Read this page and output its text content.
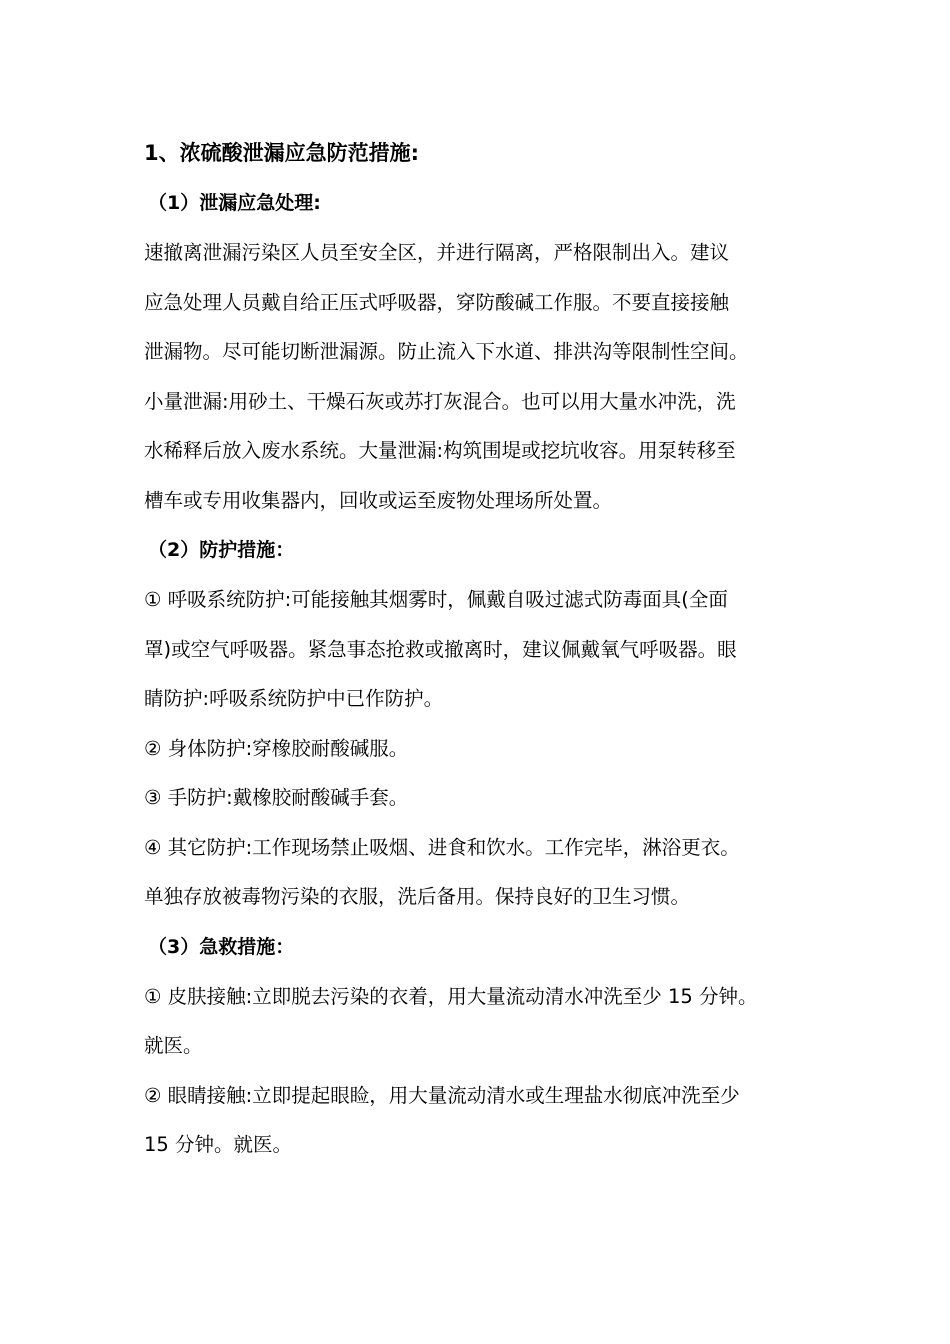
1、浓硫酸泄漏应急防范措施:
（1）泄漏应急处理:
速撤离泄漏污染区人员至安全区，并进行隔离，严格限制出入。建议
应急处理人员戴自给正压式呼吸器，穿防酸碱工作服。不要直接接触
泄漏物。尽可能切断泄漏源。防止流入下水道、排洪沟等限制性空间。
小量泄漏:用砂土、干燥石灰或苏打灰混合。也可以用大量水冲洗，洗
水稀释后放入废水系统。大量泄漏:构筑围堤或挖坑收容。用泵转移至
槽车或专用收集器内，回收或运至废物处理场所处置。
（2）防护措施：
① 呼吸系统防护:可能接触其烟雾时，佩戴自吸过滤式防毒面具(全面
罩)或空气呼吸器。紧急事态抢救或撤离时，建议佩戴氧气呼吸器。眼
睛防护:呼吸系统防护中已作防护。
② 身体防护:穿橡胶耐酸碱服。
③ 手防护:戴橡胶耐酸碱手套。
④ 其它防护:工作现场禁止吸烟、进食和饮水。工作完毕，淋浴更衣。
单独存放被毒物污染的衣服，洗后备用。保持良好的卫生习惯。
（3）急救措施：
① 皮肤接触:立即脱去污染的衣着，用大量流动清水冲洗至少 15 分钟。
就医。
② 眼睛接触:立即提起眼睑，用大量流动清水或生理盐水彻底冲洗至少
15 分钟。就医。
